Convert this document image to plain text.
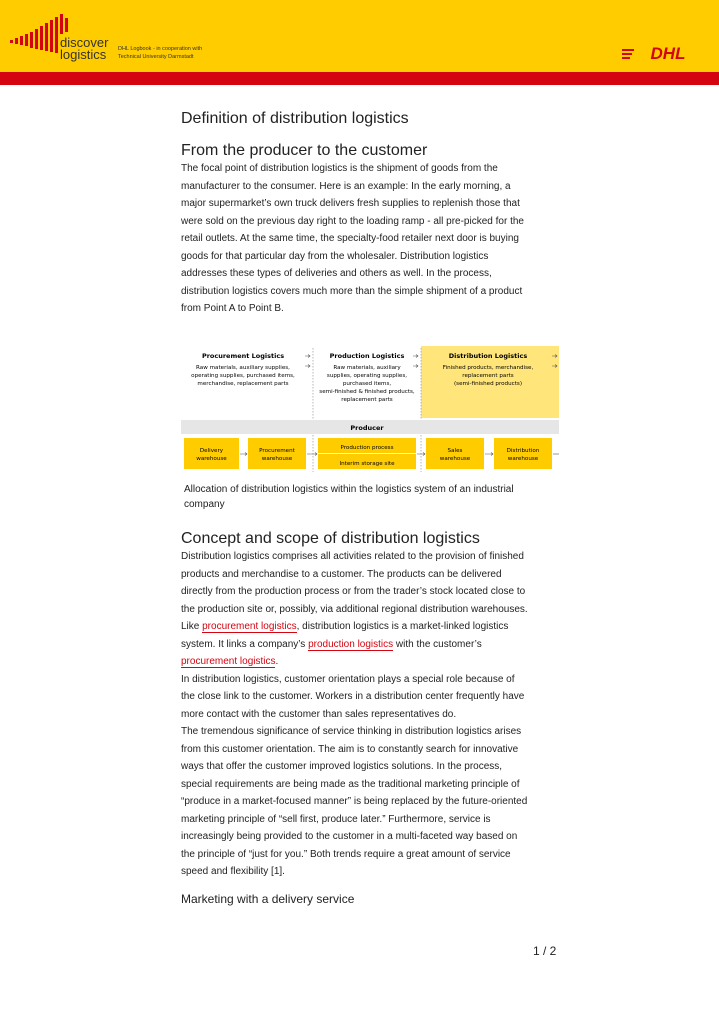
discover
logistics	DHL Logbook - in cooperation with
Technical University Darmstadt	DHL
Definition of distribution logistics
From the producer to the customer

The focal point of distribution logistics is the shipment of goods from the

manufacturer to the consumer. Here is an example: In the early morning, a

major supermarket’s own truck delivers fresh supplies to replenish those that

were sold on the previous day right to the loading ramp - all pre-picked for the

retail outlets. At the same time, the specialty-food retailer next door is buying

goods for that particular day from the wholesaler. Distribution logistics

addresses these types of deliveries and others as well. In the process,

distribution logistics covers much more than the simple shipment of a product

from Point A to Point B.

Procurement Logistics	Production Logistics	Distribution Logistics
Raw materials, auxiliary supplies,
operating supplies, purchased items,
merchandise, replacement parts
Raw materials, auxiliary
supplies, operating supplies,
purchased items,
semi-finished & finished products,
replacement parts
Finished products, merchandise,
replacement parts
(semi-finished products)
Producer
Delivery
warehouse
Procurement
warehouse
Production process
Interim storage site
Sales
warehouse
Distribution
warehouse
Allocation of distribution logistics within the logistics system of an industrial
company
Concept and scope of distribution logistics

Distribution logistics comprises all activities related to the provision of finished

products and merchandise to a customer. The products can be delivered

directly from the production process or from the trader’s stock located close to

the production site or, possibly, via additional regional distribution warehouses.

Like procurement logistics, distribution logistics is a market-linked logistics

system. It links a company’s production logistics with the customer’s

procurement logistics.

In distribution logistics, customer orientation plays a special role because of

the close link to the customer. Workers in a distribution center frequently have

more contact with the customer than sales representatives do.

The tremendous significance of service thinking in distribution logistics arises

from this customer orientation. The aim is to constantly search for innovative

ways that offer the customer improved logistics solutions. In the process,

special requirements are being made as the traditional marketing principle of

“produce in a market-focused manner” is being replaced by the future-oriented

marketing principle of “sell first, produce later.” Furthermore, service is

increasingly being provided to the customer in a multi-faceted way based on

the principle of “just for you.” Both trends require a great amount of service

speed and flexibility [1].

Marketing with a delivery service
1 / 2
